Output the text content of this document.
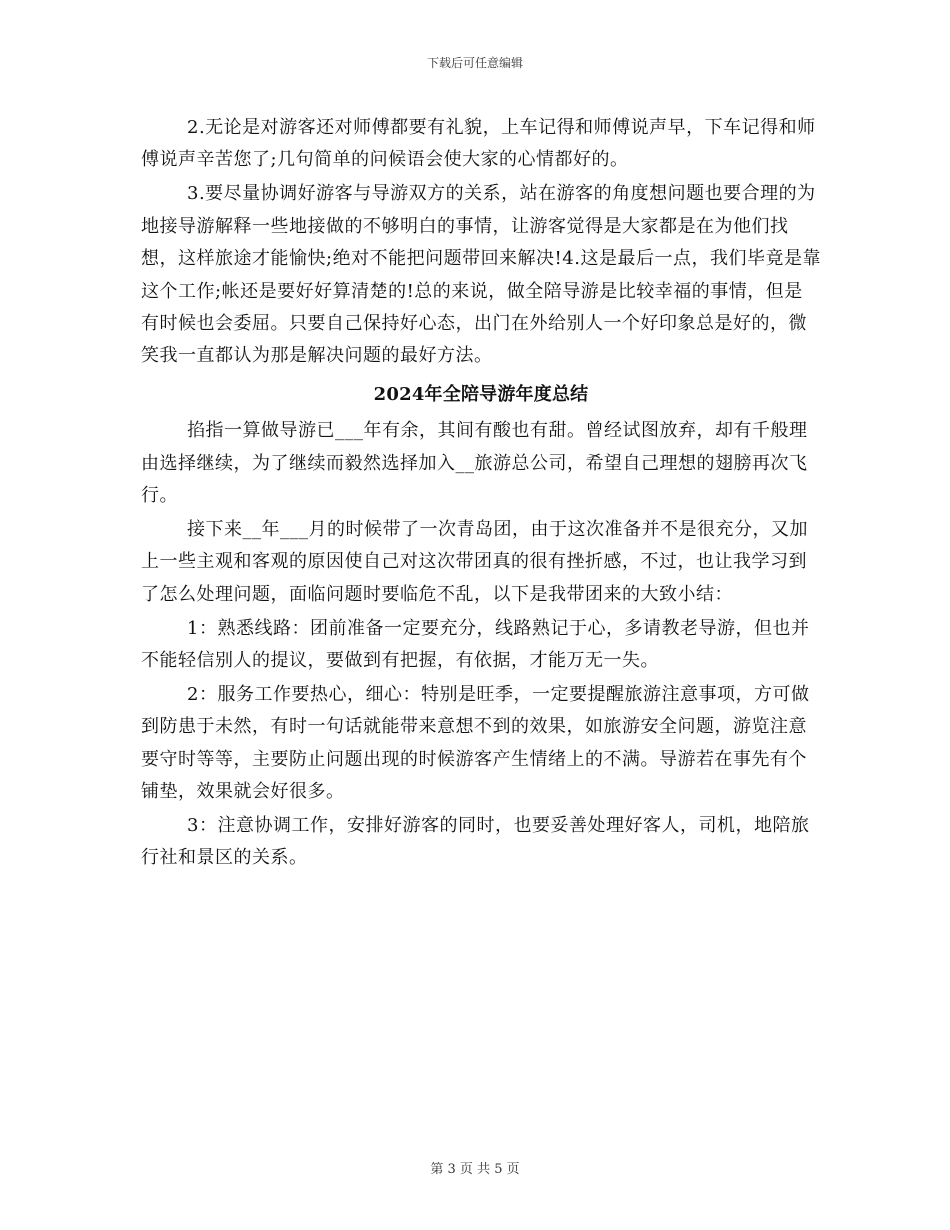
下载后可任意编辑

2.无论是对游客还对师傅都要有礼貌，上车记得和师傅说声早，下车记得和师傅说声辛苦您了;几句简单的问候语会使大家的心情都好的。

3.要尽量协调好游客与导游双方的关系，站在游客的角度想问题也要合理的为地接导游解释一些地接做的不够明白的事情，让游客觉得是大家都是在为他们找想，这样旅途才能愉快;绝对不能把问题带回来解决!4.这是最后一点，我们毕竟是靠这个工作;帐还是要好好算清楚的!总的来说，做全陪导游是比较幸福的事情，但是有时候也会委屈。只要自己保持好心态，出门在外给别人一个好印象总是好的，微笑我一直都认为那是解决问题的最好方法。

2024年全陪导游年度总结

掐指一算做导游已___年有余，其间有酸也有甜。曾经试图放弃，却有千般理由选择继续，为了继续而毅然选择加入__旅游总公司，希望自己理想的翅膀再次飞行。

接下来__年___月的时候带了一次青岛团，由于这次准备并不是很充分，又加上一些主观和客观的原因使自己对这次带团真的很有挫折感，不过，也让我学习到了怎么处理问题，面临问题时要临危不乱，以下是我带团来的大致小结：

1：熟悉线路：团前准备一定要充分，线路熟记于心，多请教老导游，但也并不能轻信别人的提议，要做到有把握，有依据，才能万无一失。

2：服务工作要热心，细心：特别是旺季，一定要提醒旅游注意事项，方可做到防患于未然，有时一句话就能带来意想不到的效果，如旅游安全问题，游览注意要守时等等，主要防止问题出现的时候游客产生情绪上的不满。导游若在事先有个铺垫，效果就会好很多。

3：注意协调工作，安排好游客的同时，也要妥善处理好客人，司机，地陪旅行社和景区的关系。

第 3 页 共 5 页
